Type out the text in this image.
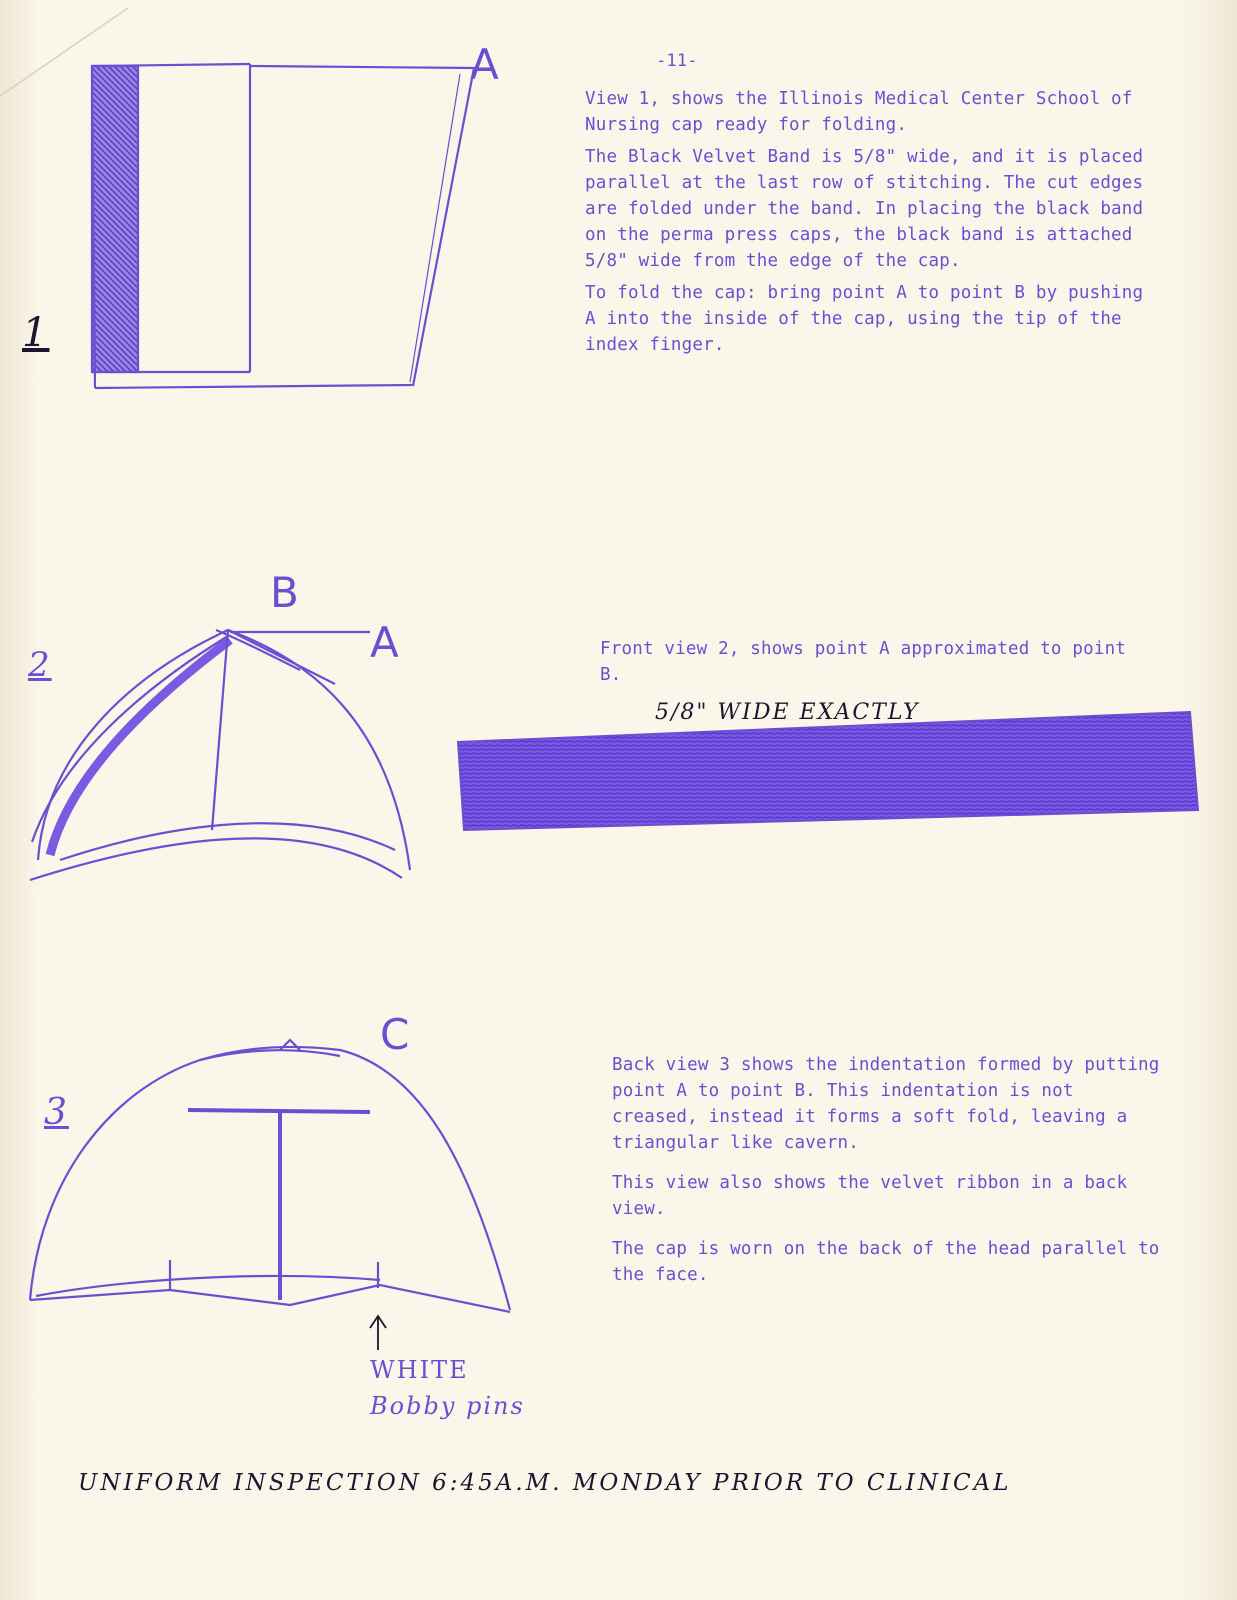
-11-
1
A
2
B
A
3
C
WHITE
Bobby pins

View 1, shows the Illinois Medical Center School of Nursing cap ready for folding.

The Black Velvet Band is 5/8" wide, and it is placed parallel at the last row of stitching. The cut edges are folded under the band. In placing the black band on the perma press caps, the black band is attached 5/8" wide from the edge of the cap.

To fold the cap: bring point A to point B by pushing A into the inside of the cap, using the tip of the index finger.

Front view 2, shows point A approximated to point B.

5/8" WIDE EXACTLY

Back view 3 shows the indentation formed by putting point A to point B. This indentation is not creased, instead it forms a soft fold, leaving a triangular like cavern.

This view also shows the velvet ribbon in a back view.

The cap is worn on the back of the head parallel to the face.

UNIFORM INSPECTION 6:45A.M. MONDAY PRIOR TO CLINICAL
